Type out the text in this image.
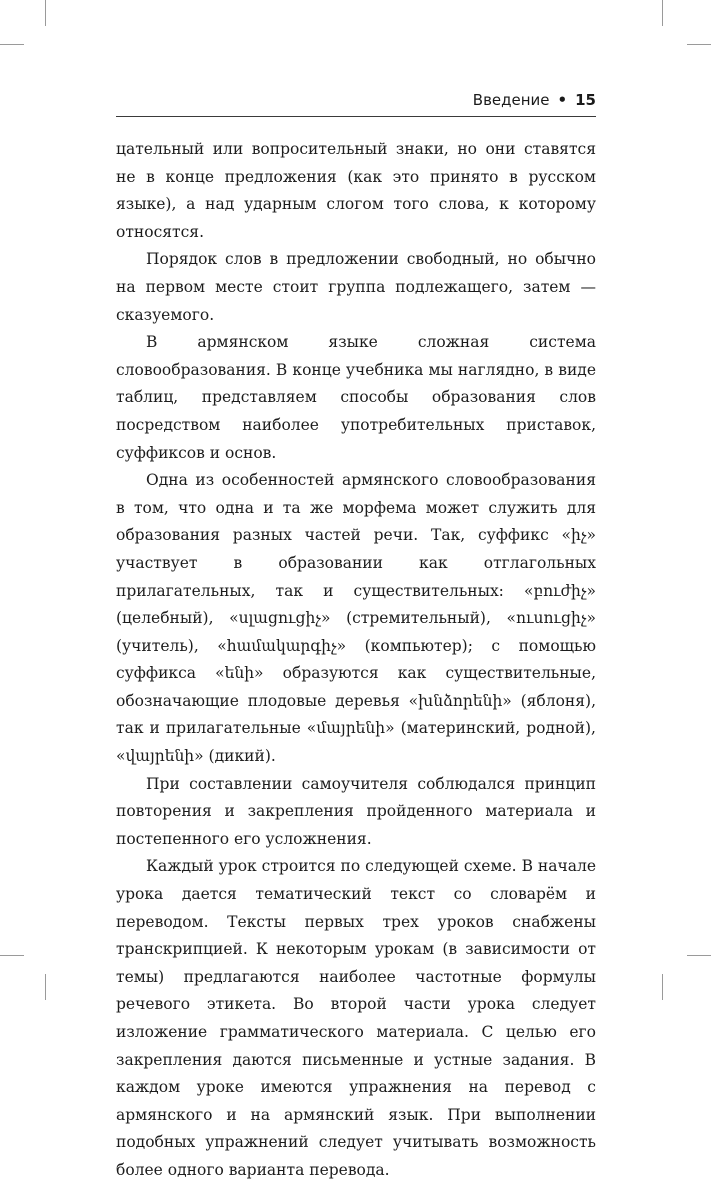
Введение • 15

цательный или вопросительный знаки, но они ставятся не в конце предложения (как это принято в русском языке), а над ударным слогом того слова, к которому относятся.

Порядок слов в предложении свободный, но обычно на первом месте стоит группа подлежащего, затем — сказуемого.

В армянском языке сложная система словообразования. В конце учебника мы наглядно, в виде таблиц, представляем способы образования слов посредством наиболее употребительных приставок, суффиксов и основ.

Одна из особенностей армянского словообразования в том, что одна и та же морфема может служить для образования разных частей речи. Так, суффикс «իչ» участвует в образовании как отглагольных прилагательных, так и существительных: «բուժիչ» (целебный), «սլացուցիչ» (стремительный), «ուսուցիչ» (учитель), «համակարգիչ» (компьютер); с помощью суффикса «ենի» образуются как существительные, обозначающие плодовые деревья «խնձորենի» (яблоня), так и прилагательные «մայրենի» (материнский, родной), «վայրենի» (дикий).

При составлении самоучителя соблюдался принцип повторения и закрепления пройденного материала и постепенного его усложнения.

Каждый урок строится по следующей схеме. В начале урока дается тематический текст со словарём и переводом. Тексты первых трех уроков снабжены транскрипцией. К некоторым урокам (в зависимости от темы) предлагаются наиболее частотные формулы речевого этикета. Во второй части урока следует изложение грамматического материала. С целью его закрепления даются письменные и устные задания. В каждом уроке имеются упражнения на перевод с армянского и на армянский язык. При выполнении подобных упражнений следует учитывать возможность более одного варианта перевода.
